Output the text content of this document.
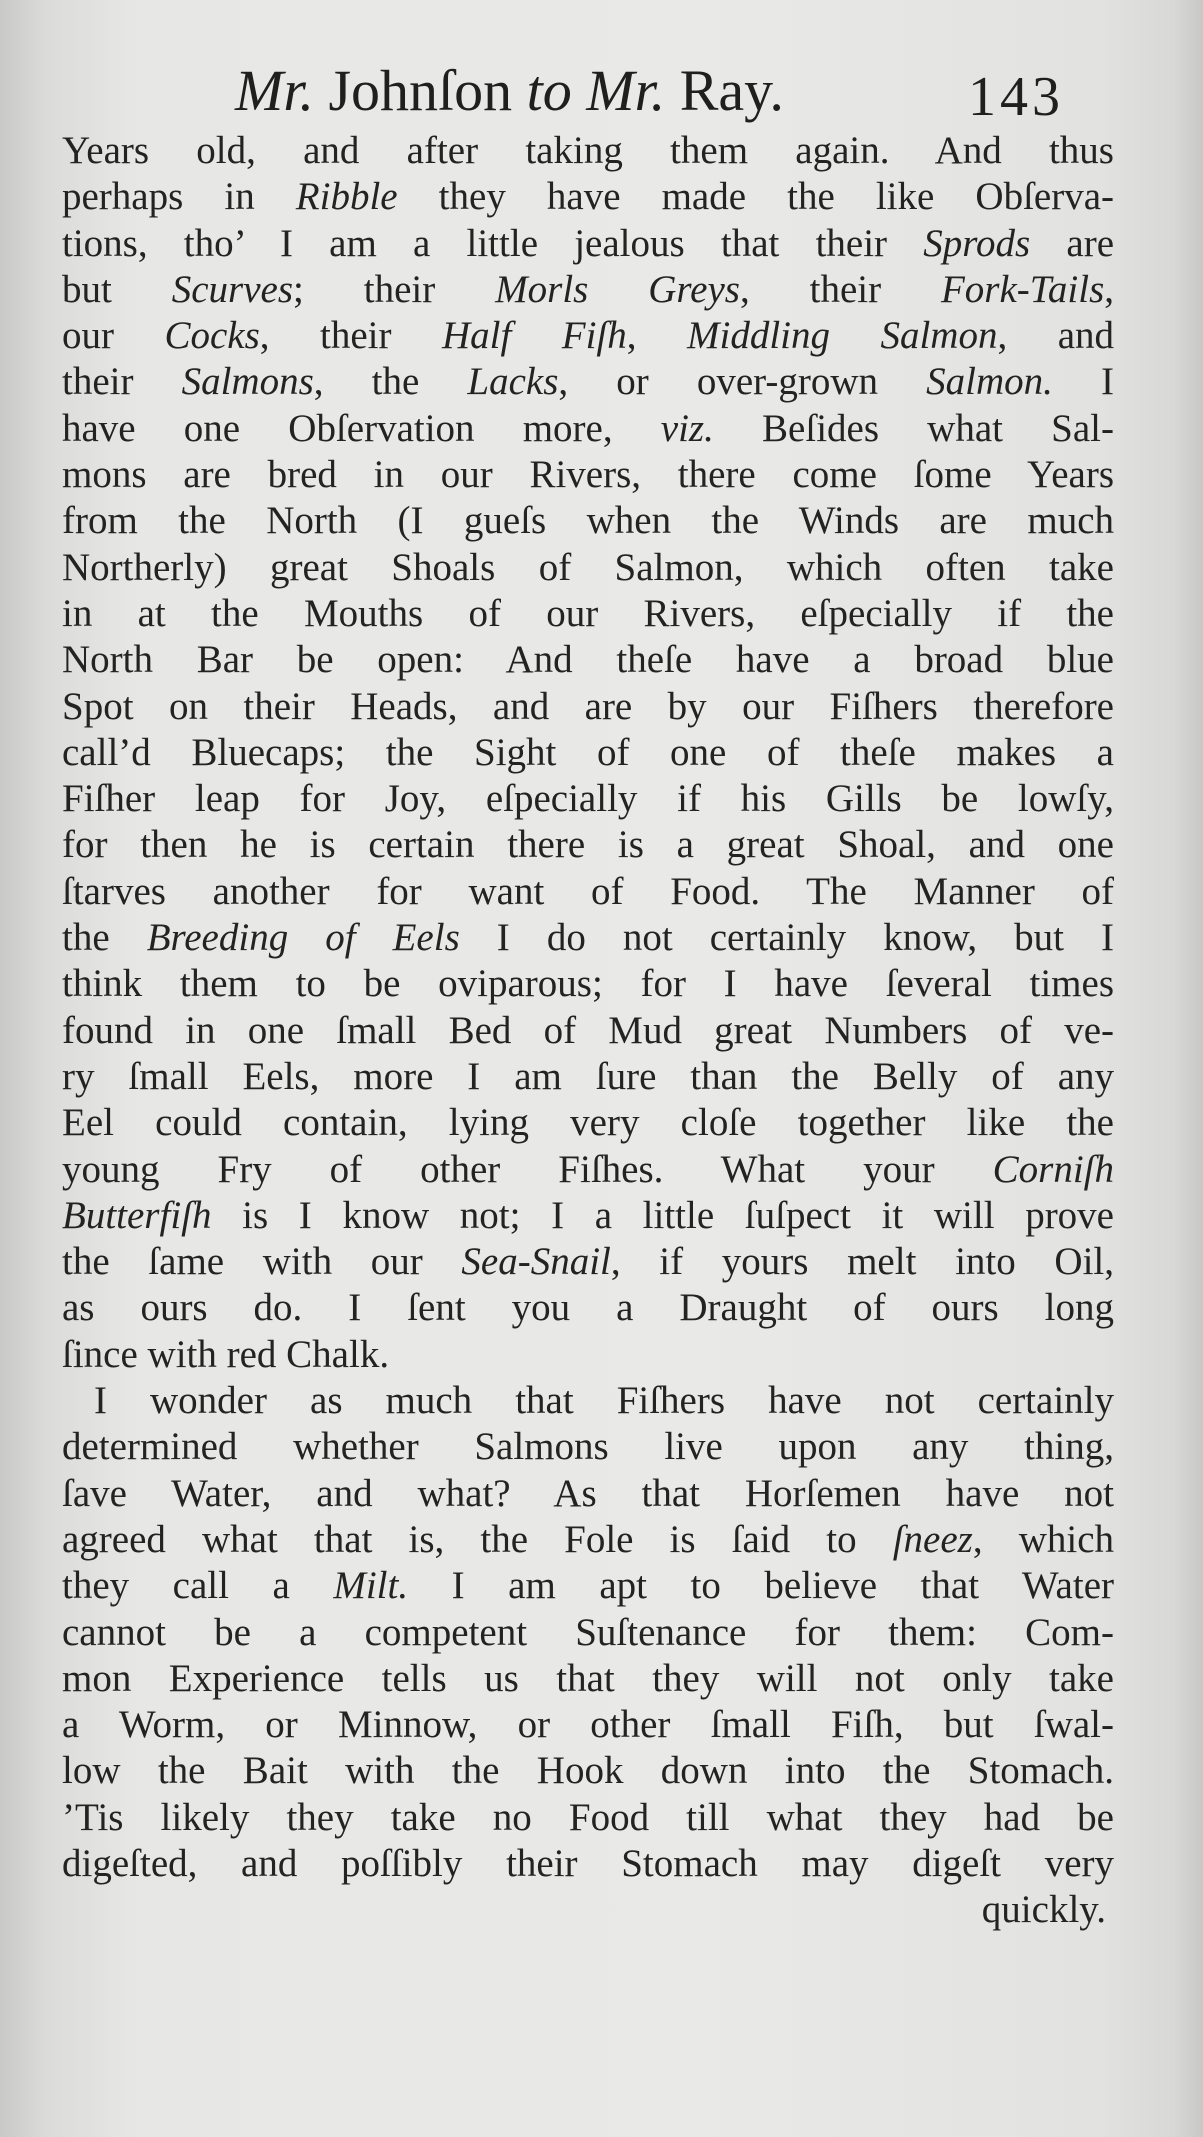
Mr. Johnſon to Mr. Ray.	143
Years old, and after taking them again. And thus
perhaps in Ribble they have made the like Obſerva-
tions, tho’ I am a little jealous that their Sprods are
but Scurves; their Morls Greys, their Fork-Tails,
our Cocks, their Half Fiſh, Middling Salmon, and
their Salmons, the Lacks, or over-grown Salmon. I
have one Obſervation more, viz. Beſides what Sal-
mons are bred in our Rivers, there come ſome Years
from the North (I gueſs when the Winds are much
Northerly) great Shoals of Salmon, which often take
in at the Mouths of our Rivers, eſpecially if the
North Bar be open: And theſe have a broad blue
Spot on their Heads, and are by our Fiſhers therefore
call’d Bluecaps; the Sight of one of theſe makes a
Fiſher leap for Joy, eſpecially if his Gills be lowſy,
for then he is certain there is a great Shoal, and one
ſtarves another for want of Food. The Manner of
the Breeding of Eels I do not certainly know, but I
think them to be oviparous; for I have ſeveral times
found in one ſmall Bed of Mud great Numbers of ve-
ry ſmall Eels, more I am ſure than the Belly of any
Eel could contain, lying very cloſe together like the
young Fry of other Fiſhes. What your Corniſh
Butterfiſh is I know not; I a little ſuſpect it will prove
the ſame with our Sea-Snail, if yours melt into Oil,
as ours do. I ſent you a Draught of ours long
ſince with red Chalk.
I wonder as much that Fiſhers have not certainly
determined whether Salmons live upon any thing,
ſave Water, and what? As that Horſemen have not
agreed what that is, the Fole is ſaid to ſneez, which
they call a Milt. I am apt to believe that Water
cannot be a competent Suſtenance for them: Com-
mon Experience tells us that they will not only take
a Worm, or Minnow, or other ſmall Fiſh, but ſwal-
low the Bait with the Hook down into the Stomach.
’Tis likely they take no Food till what they had be
digeſted, and poſſibly their Stomach may digeſt very
quickly.
